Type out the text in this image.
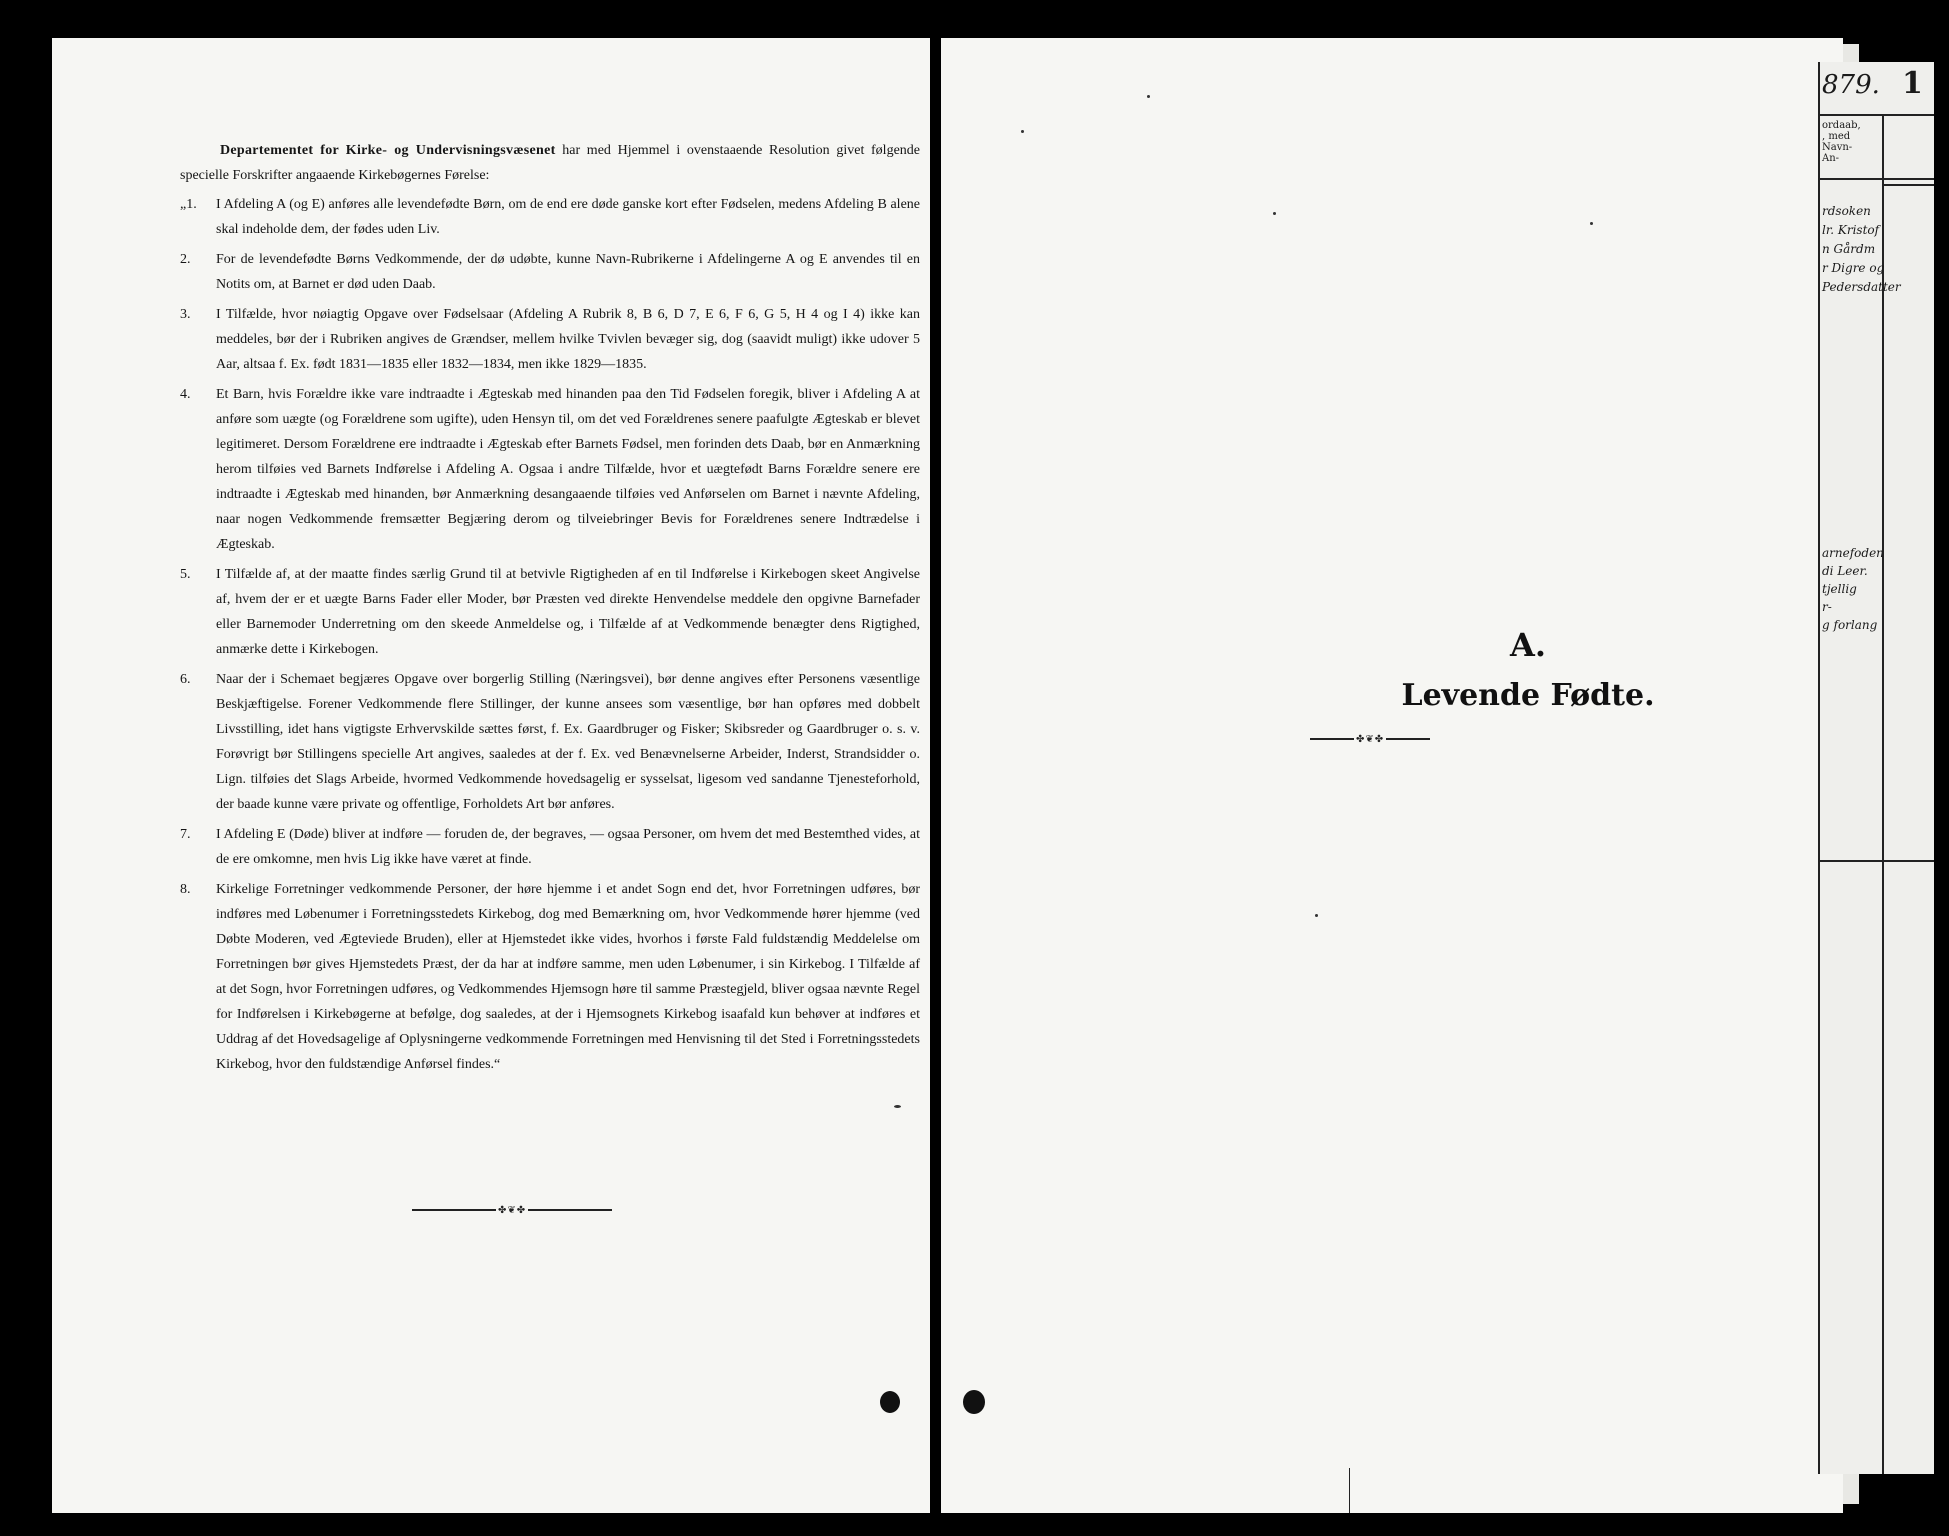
Departementet for Kirke- og Undervisningsvæsenet har med Hjemmel i ovenstaaende Resolution givet følgende specielle Forskrifter angaaende Kirkebøgernes Førelse:

„1.	I Afdeling A (og E) anføres alle levendefødte Børn, om de end ere døde ganske kort efter Fødselen, medens Afdeling B alene skal indeholde dem, der fødes uden Liv.
2.	For de levendefødte Børns Vedkommende, der dø udøbte, kunne Navn-Rubrikerne i Afdelingerne A og E anvendes til en Notits om, at Barnet er død uden Daab.
3.	I Tilfælde, hvor nøiagtig Opgave over Fødselsaar (Afdeling A Rubrik 8, B 6, D 7, E 6, F 6, G 5, H 4 og I 4) ikke kan meddeles, bør der i Rubriken angives de Grændser, mellem hvilke Tvivlen bevæger sig, dog (saavidt muligt) ikke udover 5 Aar, altsaa f. Ex. født 1831—1835 eller 1832—1834, men ikke 1829—1835.
4.	Et Barn, hvis Forældre ikke vare indtraadte i Ægteskab med hinanden paa den Tid Fødselen foregik, bliver i Afdeling A at anføre som uægte (og Forældrene som ugifte), uden Hensyn til, om det ved Forældrenes senere paafulgte Ægteskab er blevet legitimeret. Dersom Forældrene ere indtraadte i Ægteskab efter Barnets Fødsel, men forinden dets Daab, bør en Anmærkning herom tilføies ved Barnets Indførelse i Afdeling A. Ogsaa i andre Tilfælde, hvor et uægtefødt Barns Forældre senere ere indtraadte i Ægteskab med hinanden, bør Anmærkning desangaaende tilføies ved Anførselen om Barnet i nævnte Afdeling, naar nogen Vedkommende fremsætter Begjæring derom og tilveiebringer Bevis for Forældrenes senere Indtrædelse i Ægteskab.
5.	I Tilfælde af, at der maatte findes særlig Grund til at betvivle Rigtigheden af en til Indførelse i Kirkebogen skeet Angivelse af, hvem der er et uægte Barns Fader eller Moder, bør Præsten ved direkte Henvendelse meddele den opgivne Barnefader eller Barnemoder Underretning om den skeede Anmeldelse og, i Tilfælde af at Vedkommende benægter dens Rigtighed, anmærke dette i Kirkebogen.
6.	Naar der i Schemaet begjæres Opgave over borgerlig Stilling (Næringsvei), bør denne angives efter Personens væsentlige Beskjæftigelse. Forener Vedkommende flere Stillinger, der kunne ansees som væsentlige, bør han opføres med dobbelt Livsstilling, idet hans vigtigste Erhvervskilde sættes først, f. Ex. Gaardbruger og Fisker; Skibsreder og Gaardbruger o. s. v. Forøvrigt bør Stillingens specielle Art angives, saaledes at der f. Ex. ved Benævnelserne Arbeider, Inderst, Strandsidder o. Lign. tilføies det Slags Arbeide, hvormed Vedkommende hovedsagelig er sysselsat, ligesom ved sandanne Tjenesteforhold, der baade kunne være private og offentlige, Forholdets Art bør anføres.
7.	I Afdeling E (Døde) bliver at indføre — foruden de, der begraves, — ogsaa Personer, om hvem det med Bestemthed vides, at de ere omkomne, men hvis Lig ikke have været at finde.
8.	Kirkelige Forretninger vedkommende Personer, der høre hjemme i et andet Sogn end det, hvor Forretningen udføres, bør indføres med Løbenumer i Forretningsstedets Kirkebog, dog med Bemærkning om, hvor Vedkommende hører hjemme (ved Døbte Moderen, ved Ægteviede Bruden), eller at Hjemstedet ikke vides, hvorhos i første Fald fuldstændig Meddelelse om Forretningen bør gives Hjemstedets Præst, der da har at indføre samme, men uden Løbenumer, i sin Kirkebog. I Tilfælde af at det Sogn, hvor Forretningen udføres, og Vedkommendes Hjemsogn høre til samme Præstegjeld, bliver ogsaa nævnte Regel for Indførelsen i Kirkebøgerne at befølge, dog saaledes, at der i Hjemsognets Kirkebog isaafald kun behøver at indføres et Uddrag af det Hovedsagelige af Oplysningerne vedkommende Forretningen med Henvisning til det Sted i Forretningsstedets Kirkebog, hvor den fuldstændige Anførsel findes.“
✤❦✤
A.
Levende Fødte.
✤❦✤
879. 1
ordaab,
, med
Navn-
An-
rdsoken
lr. Kristof
n Gårdm
r Digre og
Pedersdatter
arnefoden
di Leer.
tjellig
r-
g forlang
